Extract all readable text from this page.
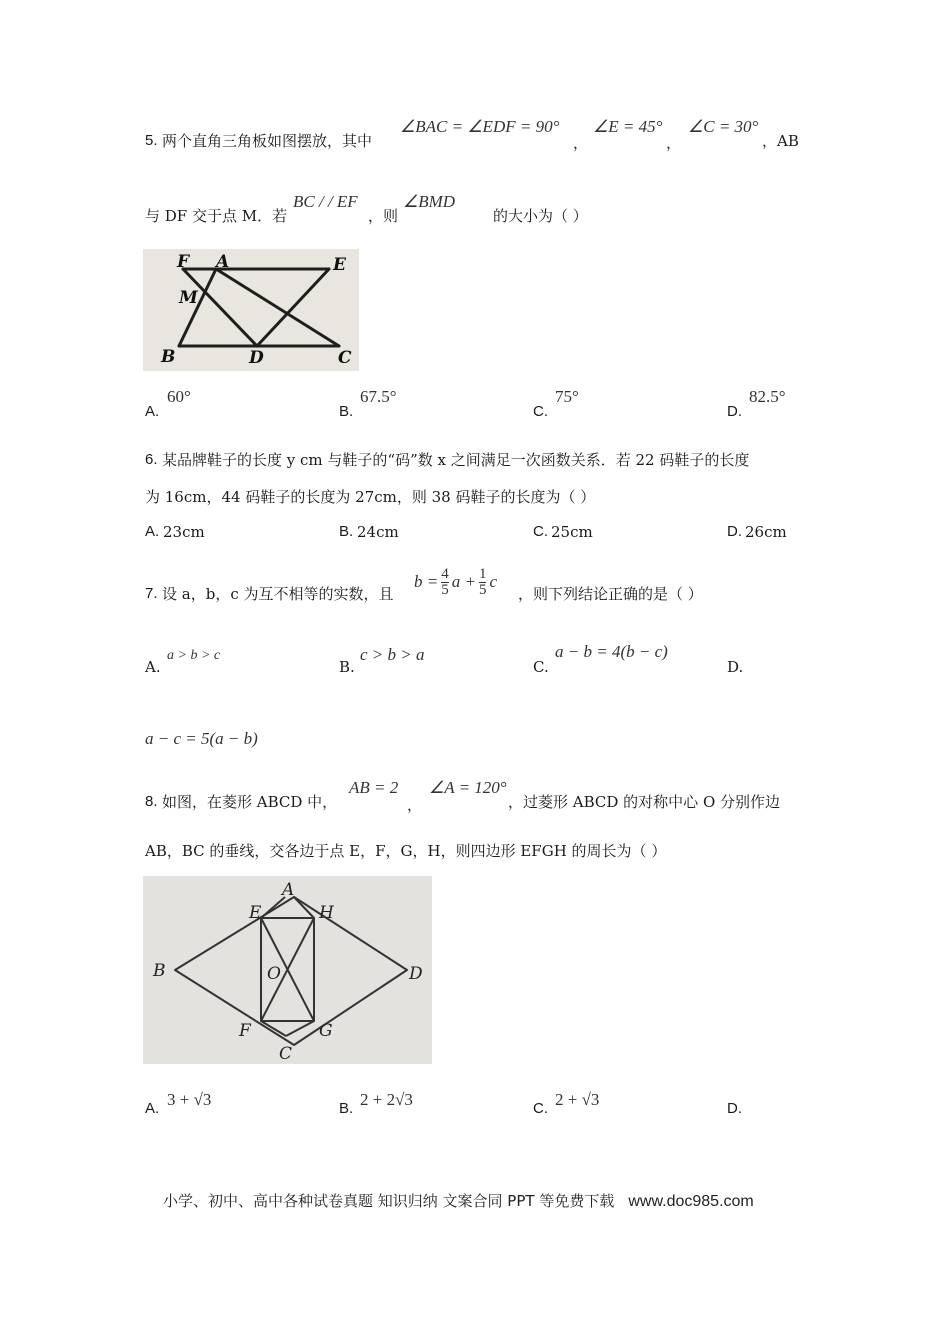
5. 两个直角三角板如图摆放，其中
∠BAC = ∠EDF = 90°
，
∠E = 45°
，
∠C = 30°
，AB
与 DF 交于点 M．若
BC / / EF
，则
∠BMD
的大小为（ ）
F A	E
M
B	D	C
A.
60°
B.
67.5°
C.
75°
D.
82.5°
6. 某品牌鞋子的长度 y cm 与鞋子的“码”数 x 之间满足一次函数关系．若 22 码鞋子的长度
为 16cm，44 码鞋子的长度为 27cm，则 38 码鞋子的长度为（ ）
A. 23cm	B. 24cm	C. 25cm	D. 26cm
7. 设 a，b，c 为互不相等的实数，且
$b = \frac{4}{5}$ $a + \frac{1}{5}$ c
，则下列结论正确的是（ ）
A.
a > b > c
B.
c > b > a
C.
a − b = 4(b − c)
D.
a − c = 5(a − b)
8. 如图，在菱形 ABCD 中，
AB = 2
，
∠A = 120°
，过菱形 ABCD 的对称中心 O 分别作边
AB，BC 的垂线，交各边于点 E，F，G，H，则四边形 EFGH 的周长为（ ）
A
E	H
B	O	D
F	G
C
A. 3 + √3	B. 2 + 2√3	C. 2 + √3	D.
小学、初中、高中各种试卷真题 知识归纳 文案合同 PPT 等免费下载 www.doc985.com
